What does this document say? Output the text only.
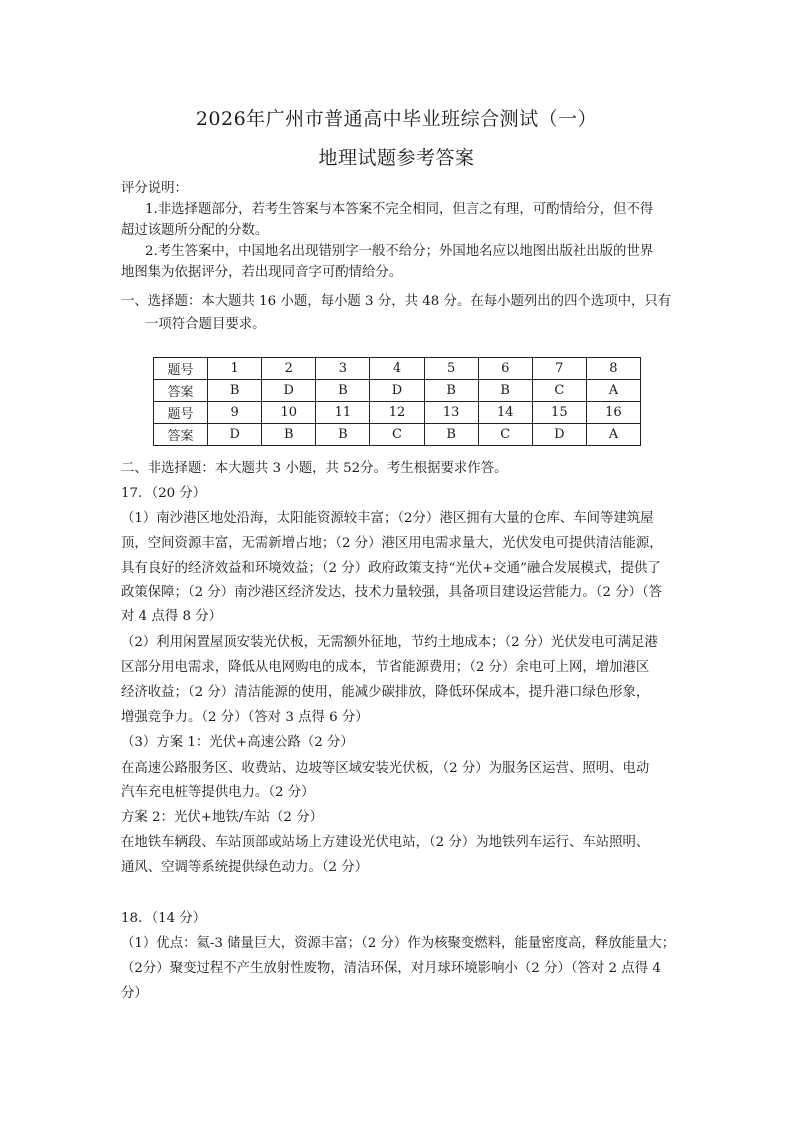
2026年广州市普通高中毕业班综合测试（一）
地理试题参考答案
评分说明：
1.非选择题部分，若考生答案与本答案不完全相同，但言之有理，可酌情给分，但不得
超过该题所分配的分数。
2.考生答案中，中国地名出现错别字一般不给分；外国地名应以地图出版社出版的世界
地图集为依据评分，若出现同音字可酌情给分。
一、选择题：本大题共 16 小题，每小题 3 分，共 48 分。在每小题列出的四个选项中，只有
一项符合题目要求。
题号	1	2	3	4	5	6	7	8
答案	B	D	B	D	B	B	C	A
题号	9	10	11	12	13	14	15	16
答案	D	B	B	C	B	C	D	A
二、非选择题：本大题共 3 小题，共 52分。考生根据要求作答。
17．（20 分）
（1）南沙港区地处沿海，太阳能资源较丰富；（2分）港区拥有大量的仓库、车间等建筑屋
顶，空间资源丰富，无需新增占地；（2 分）港区用电需求量大，光伏发电可提供清洁能源，
具有良好的经济效益和环境效益；（2 分）政府政策支持“光伏+交通”融合发展模式，提供了
政策保障；（2 分）南沙港区经济发达，技术力量较强，具备项目建设运营能力。（2 分）（答
对 4 点得 8 分）
（2）利用闲置屋顶安装光伏板，无需额外征地，节约土地成本；（2 分）光伏发电可满足港
区部分用电需求，降低从电网购电的成本，节省能源费用；（2 分）余电可上网，增加港区
经济收益；（2 分）清洁能源的使用，能减少碳排放，降低环保成本，提升港口绿色形象，
增强竞争力。（2 分）（答对 3 点得 6 分）
（3）方案 1：光伏+高速公路（2 分）
在高速公路服务区、收费站、边坡等区域安装光伏板，（2 分）为服务区运营、照明、电动
汽车充电桩等提供电力。（2 分）
方案 2：光伏+地铁/车站（2 分）
在地铁车辆段、车站顶部或站场上方建设光伏电站，（2 分）为地铁列车运行、车站照明、
通风、空调等系统提供绿色动力。（2 分）
18．（14 分）
（1）优点：氦-3 储量巨大，资源丰富；（2 分）作为核聚变燃料，能量密度高，释放能量大；
（2分）聚变过程不产生放射性废物，清洁环保，对月球环境影响小（2 分）（答对 2 点得 4
分）
